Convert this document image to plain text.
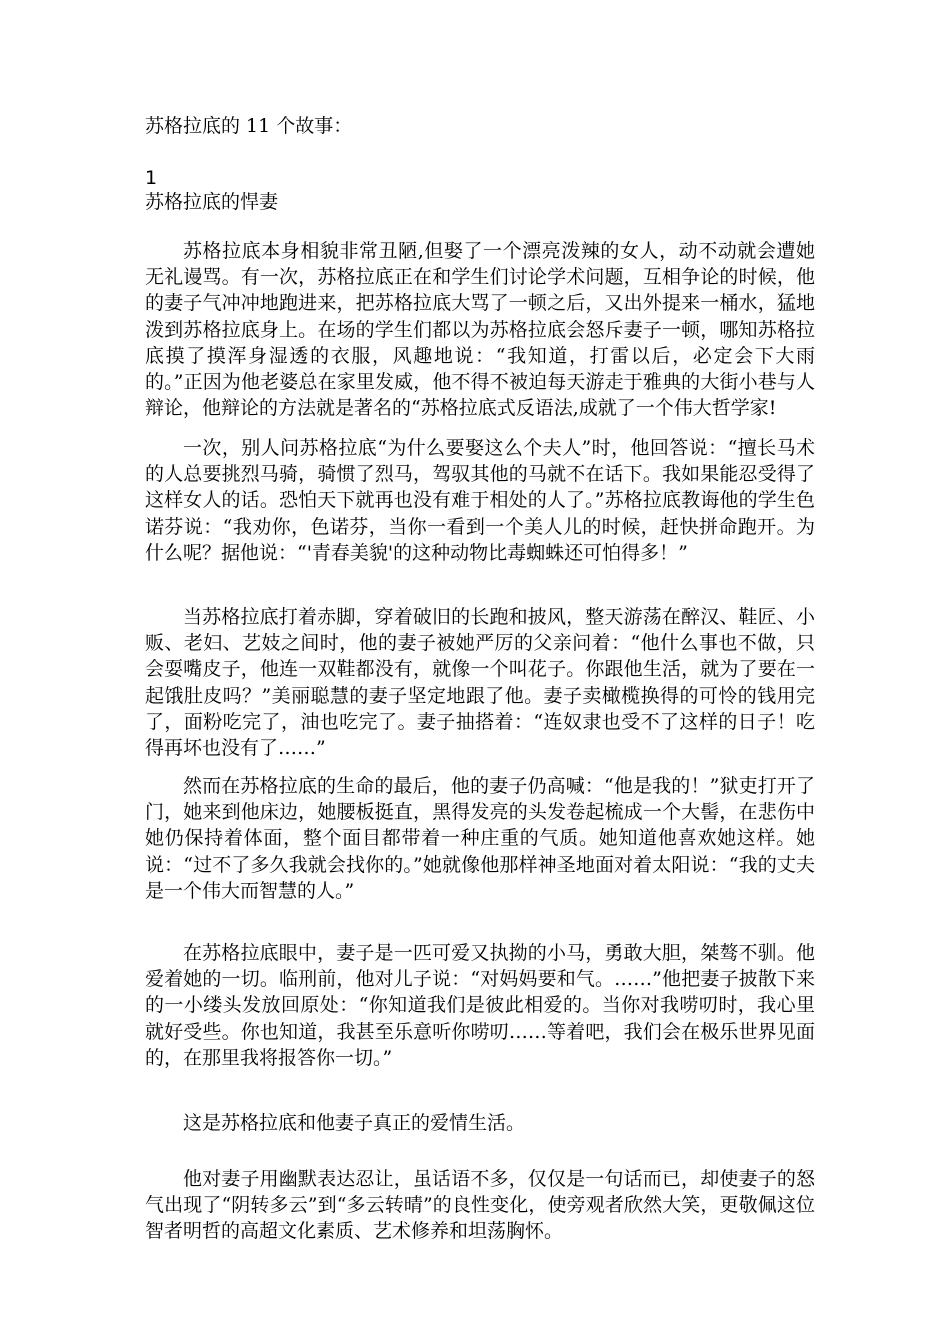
苏格拉底的 11 个故事：
1
苏格拉底的悍妻

苏格拉底本身相貌非常丑陋,但娶了一个漂亮泼辣的女人，动不动就会遭她无礼谩骂。有一次，苏格拉底正在和学生们讨论学术问题，互相争论的时候，他的妻子气冲冲地跑进来，把苏格拉底大骂了一顿之后，又出外提来一桶水，猛地泼到苏格拉底身上。在场的学生们都以为苏格拉底会怒斥妻子一顿，哪知苏格拉底摸了摸浑身湿透的衣服，风趣地说：“我知道，打雷以后，必定会下大雨的。”正因为他老婆总在家里发威，他不得不被迫每天游走于雅典的大街小巷与人辩论，他辩论的方法就是著名的“苏格拉底式反语法,成就了一个伟大哲学家!

一次，别人问苏格拉底“为什么要娶这么个夫人”时，他回答说：“擅长马术的人总要挑烈马骑，骑惯了烈马，驾驭其他的马就不在话下。我如果能忍受得了这样女人的话。恐怕天下就再也没有难于相处的人了。”苏格拉底教诲他的学生色诺芬说：“我劝你，色诺芬，当你一看到一个美人儿的时候，赶快拼命跑开。为什么呢？据他说：“'青春美貌'的这种动物比毒蜘蛛还可怕得多！”

当苏格拉底打着赤脚，穿着破旧的长跑和披风，整天游荡在醉汉、鞋匠、小贩、老妇、艺妓之间时，他的妻子被她严厉的父亲问着：“他什么事也不做，只会耍嘴皮子，他连一双鞋都没有，就像一个叫花子。你跟他生活，就为了要在一起饿肚皮吗？”美丽聪慧的妻子坚定地跟了他。妻子卖橄榄换得的可怜的钱用完了，面粉吃完了，油也吃完了。妻子抽搭着：“连奴隶也受不了这样的日子！吃得再坏也没有了……”

然而在苏格拉底的生命的最后，他的妻子仍高喊：“他是我的！”狱吏打开了门，她来到他床边，她腰板挺直，黑得发亮的头发卷起梳成一个大髻，在悲伤中她仍保持着体面，整个面目都带着一种庄重的气质。她知道他喜欢她这样。她说：“过不了多久我就会找你的。”她就像他那样神圣地面对着太阳说：“我的丈夫是一个伟大而智慧的人。”

在苏格拉底眼中，妻子是一匹可爱又执拗的小马，勇敢大胆，桀骜不驯。他爱着她的一切。临刑前，他对儿子说：“对妈妈要和气。……”他把妻子披散下来的一小缕头发放回原处：“你知道我们是彼此相爱的。当你对我唠叨时，我心里就好受些。你也知道，我甚至乐意听你唠叨……等着吧，我们会在极乐世界见面的，在那里我将报答你一切。”

这是苏格拉底和他妻子真正的爱情生活。

他对妻子用幽默表达忍让，虽话语不多，仅仅是一句话而已，却使妻子的怒气出现了“阴转多云”到“多云转晴”的良性变化，使旁观者欣然大笑，更敬佩这位智者明哲的高超文化素质、艺术修养和坦荡胸怀。
